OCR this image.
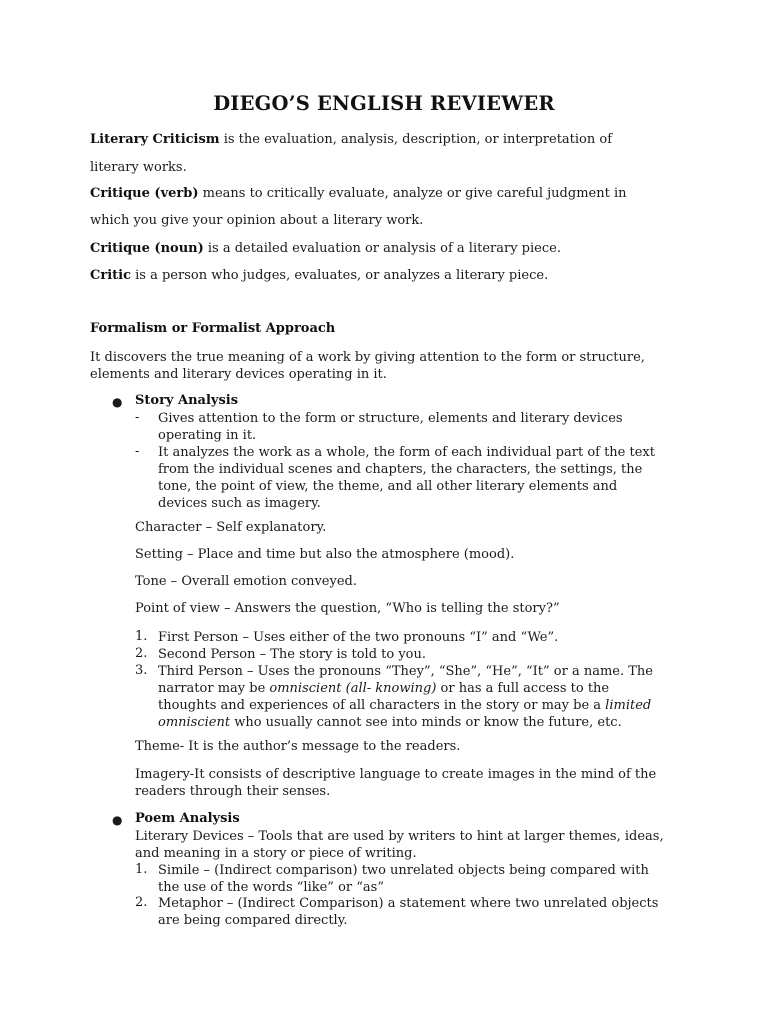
DIEGO’S ENGLISH REVIEWER
Literary Criticism is the evaluation, analysis, description, or interpretation of
literary works.
Critique (verb) means to critically evaluate, analyze or give careful judgment in
which you give your opinion about a literary work.
Critique (noun) is a detailed evaluation or analysis of a literary piece.
Critic is a person who judges, evaluates, or analyzes a literary piece.
Formalism or Formalist Approach
It discovers the true meaning of a work by giving attention to the form or structure,
elements and literary devices operating in it.
● Story Analysis
- Gives attention to the form or structure, elements and literary devices
operating in it.
- It analyzes the work as a whole, the form of each individual part of the text
from the individual scenes and chapters, the characters, the settings, the
tone, the point of view, the theme, and all other literary elements and
devices such as imagery.
Character – Self explanatory.
Setting – Place and time but also the atmosphere (mood).
Tone – Overall emotion conveyed.
Point of view – Answers the question, “Who is telling the story?”
1. First Person – Uses either of the two pronouns “I” and “We”.
2. Second Person – The story is told to you.
3. Third Person – Uses the pronouns “They”, “She”, “He”, “It” or a name. The
narrator may be omniscient (all- knowing) or has a full access to the
thoughts and experiences of all characters in the story or may be a limited
omniscient who usually cannot see into minds or know the future, etc.
Theme- It is the author’s message to the readers.
Imagery-It consists of descriptive language to create images in the mind of the
readers through their senses.
● Poem Analysis
Literary Devices – Tools that are used by writers to hint at larger themes, ideas,
and meaning in a story or piece of writing.
1. Simile – (Indirect comparison) two unrelated objects being compared with
the use of the words “like” or “as”
2. Metaphor – (Indirect Comparison) a statement where two unrelated objects
are being compared directly.
